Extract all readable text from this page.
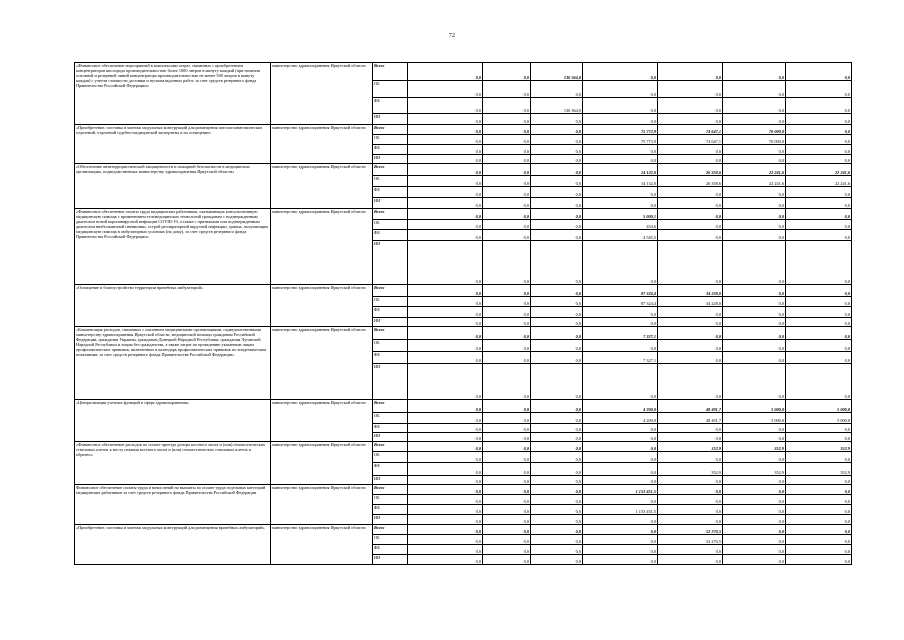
72
«Финансовое обеспечение мероприятий в комплексами затрат, связанных с приобретением концентраторов кислорода производительностью более 1000 литров в минуту каждый (при наличии основной и резервной линий концентратора производительностью не менее 500 литров в минуту каждая) с учетом стоимости доставки и пусконаладочных работ, за счет средств резервного фонда Правительства Российской Федерации»	министерство здравоохранения Иркутской области	Всего	0,0	0,0	130 364,0	0,0	0,0	0,0	0,0
		ОБ	0,0	0,0	0,0	0,0	0,0	0,0	0,0
		ФБ	0,0	0,0	130 364,0	0,0	0,0	0,0	0,0
		ИИ	0,0	0,0	0,0	0,0	0,0	0,0	0,0
«Приобретение, поставка и монтаж модульных конструкций для размещения патологоанатомических отделений, отделений судебно-медицинской экспертизы и их оснащение»	министерство здравоохранения Иркутской области	Всего	0,0	0,0	0,0	75 773,9	74 647,1	70 000,0	0,0
		ОБ	0,0	0,0	0,0	75 773,9	74 647,1	70 000,0	0,0
		ФБ	0,0	0,0	0,0	0,0	0,0	0,0	0,0
		ИИ	0,0	0,0	0,0	0,0	0,0	0,0	0,0
«Обеспечение антитеррористической защищенности и пожарной безопасности в медицинских организациях, подведомственных министерству здравоохранения Иркутской области»	министерство здравоохранения Иркутской области	Всего	0,0	0,0	0,0	14 132,0	26 358,6	22 241,6	22 241,6
		ОБ	0,0	0,0	0,0	14 132,0	26 358,6	22 241,6	22 241,6
		ФБ	0,0	0,0	0,0	0,0	0,0	0,0	0,0
		ИИ	0,0	0,0	0,0	0,0	0,0	0,0	0,0
«Финансовое обеспечение оплаты труда медицинских работников, оказывающих консультативную медицинскую помощь с применением телемедицинских технологий гражданам с подтвержденным диагнозом новой коронавирусной инфекции COVID-19, а также с признаками или подтвержденным диагнозом внебольничной пневмонии, острой респираторной вирусной инфекции, гриппа, получающим медицинскую помощь в амбулаторных условиях (на дому), за счет средств резервного фонда Правительства Российской Федерации»	министерство здравоохранения Иркутской области	Всего	0,0	0,0	0,0	5 000,1	0,0	0,0	0,0
		ОБ	0,0	0,0	0,0	454,6	0,0	0,0	0,0
		ФБ	0,0	0,0	0,0	4 545,5	0,0	0,0	0,0
		ИИ	0,0	0,0	0,0	0,0	0,0	0,0	0,0
«Оснащение и благоустройство территории врачебных амбулаторий»	министерство здравоохранения Иркутской области	Всего	0,0	0,0	0,0	87 324,4	34 228,0	0,0	0,0
		ОБ	0,0	0,0	0,0	87 324,4	34 228,0	0,0	0,0
		ФБ	0,0	0,0	0,0	0,0	0,0	0,0	0,0
		ИИ	0,0	0,0	0,0	0,0	0,0	0,0	0,0
«Компенсация расходов, связанных с оказанием медицинскими организациями, подведомственными министерству здравоохранения Иркутской области, медицинской помощи гражданам Российской Федерации, гражданам Украины, гражданам Донецкой Народной Республики, гражданам Луганской Народной Республики и лицам без гражданства, а также затрат по проведению указанным лицам профилактических прививок, включенных в календарь профилактических прививок по эпидемическим показаниям, за счет средств резервного фонда Правительства Российской Федерации»	министерство здравоохранения Иркутской области	Всего	0,0	0,0	0,0	7 327,1	0,0	0,0	0,0
		ОБ	0,0	0,0	0,0	0,0	0,0	0,0	0,0
		ФБ	0,0	0,0	0,0	7 327,1	0,0	0,0	0,0
		ИИ	0,0	0,0	0,0	0,0	0,0	0,0	0,0
«Централизация учетных функций в сфере здравоохранения»	министерство здравоохранения Иркутской области	Всего	0,0	0,0	0,0	4 200,0	48 491,7	5 000,0	5 000,0
		ОБ	0,0	0,0	0,0	4 200,0	48 491,7	5 000,0	5 000,0
		ФБ	0,0	0,0	0,0	0,0	0,0	0,0	0,0
		ИИ	0,0	0,0	0,0	0,0	0,0	0,0	0,0
«Финансовое обеспечение расходов по оплате проезда донора костного мозга и (или) гемопоэтических стволовых клеток к месту изъятия костного мозга и (или) гемопоэтических стволовых клеток и обратно»	министерство здравоохранения Иркутской области	Всего	0,0	0,0	0,0	0,0	352,9	352,9	352,9
		ОБ	0,0	0,0	0,0	0,0	0,0	0,0	0,0
		ФБ	0,0	0,0	0,0	0,0	352,9	352,9	352,9
		ИИ	0,0	0,0	0,0	0,0	0,0	0,0	0,0
Финансовое обеспечение оплаты труда и начислений на выплаты по оплате труда отдельных категорий медицинских работников за счет средств резервного фонда Правительства Российской Федерации	министерство здравоохранения Иркутской области	Всего	0,0	0,0	0,0	1 153 451,5	0,0	0,0	0,0
		ОБ	0,0	0,0	0,0	0,0	0,0	0,0	0,0
		ФБ	0,0	0,0	0,0	1 153 451,5	0,0	0,0	0,0
		ИИ	0,0	0,0	0,0	0,0	0,0	0,0	0,0
«Приобретение, поставка и монтаж модульных конструкций для размещения врачебных амбулаторий»	министерство здравоохранения Иркутской области	Всего	0,0	0,0	0,0	0,0	52 270,5	0,0	0,0
		ОБ	0,0	0,0	0,0	0,0	52 270,5	0,0	0,0
		ФБ	0,0	0,0	0,0	0,0	0,0	0,0	0,0
		ИИ	0,0	0,0	0,0	0,0	0,0	0,0	0,0
